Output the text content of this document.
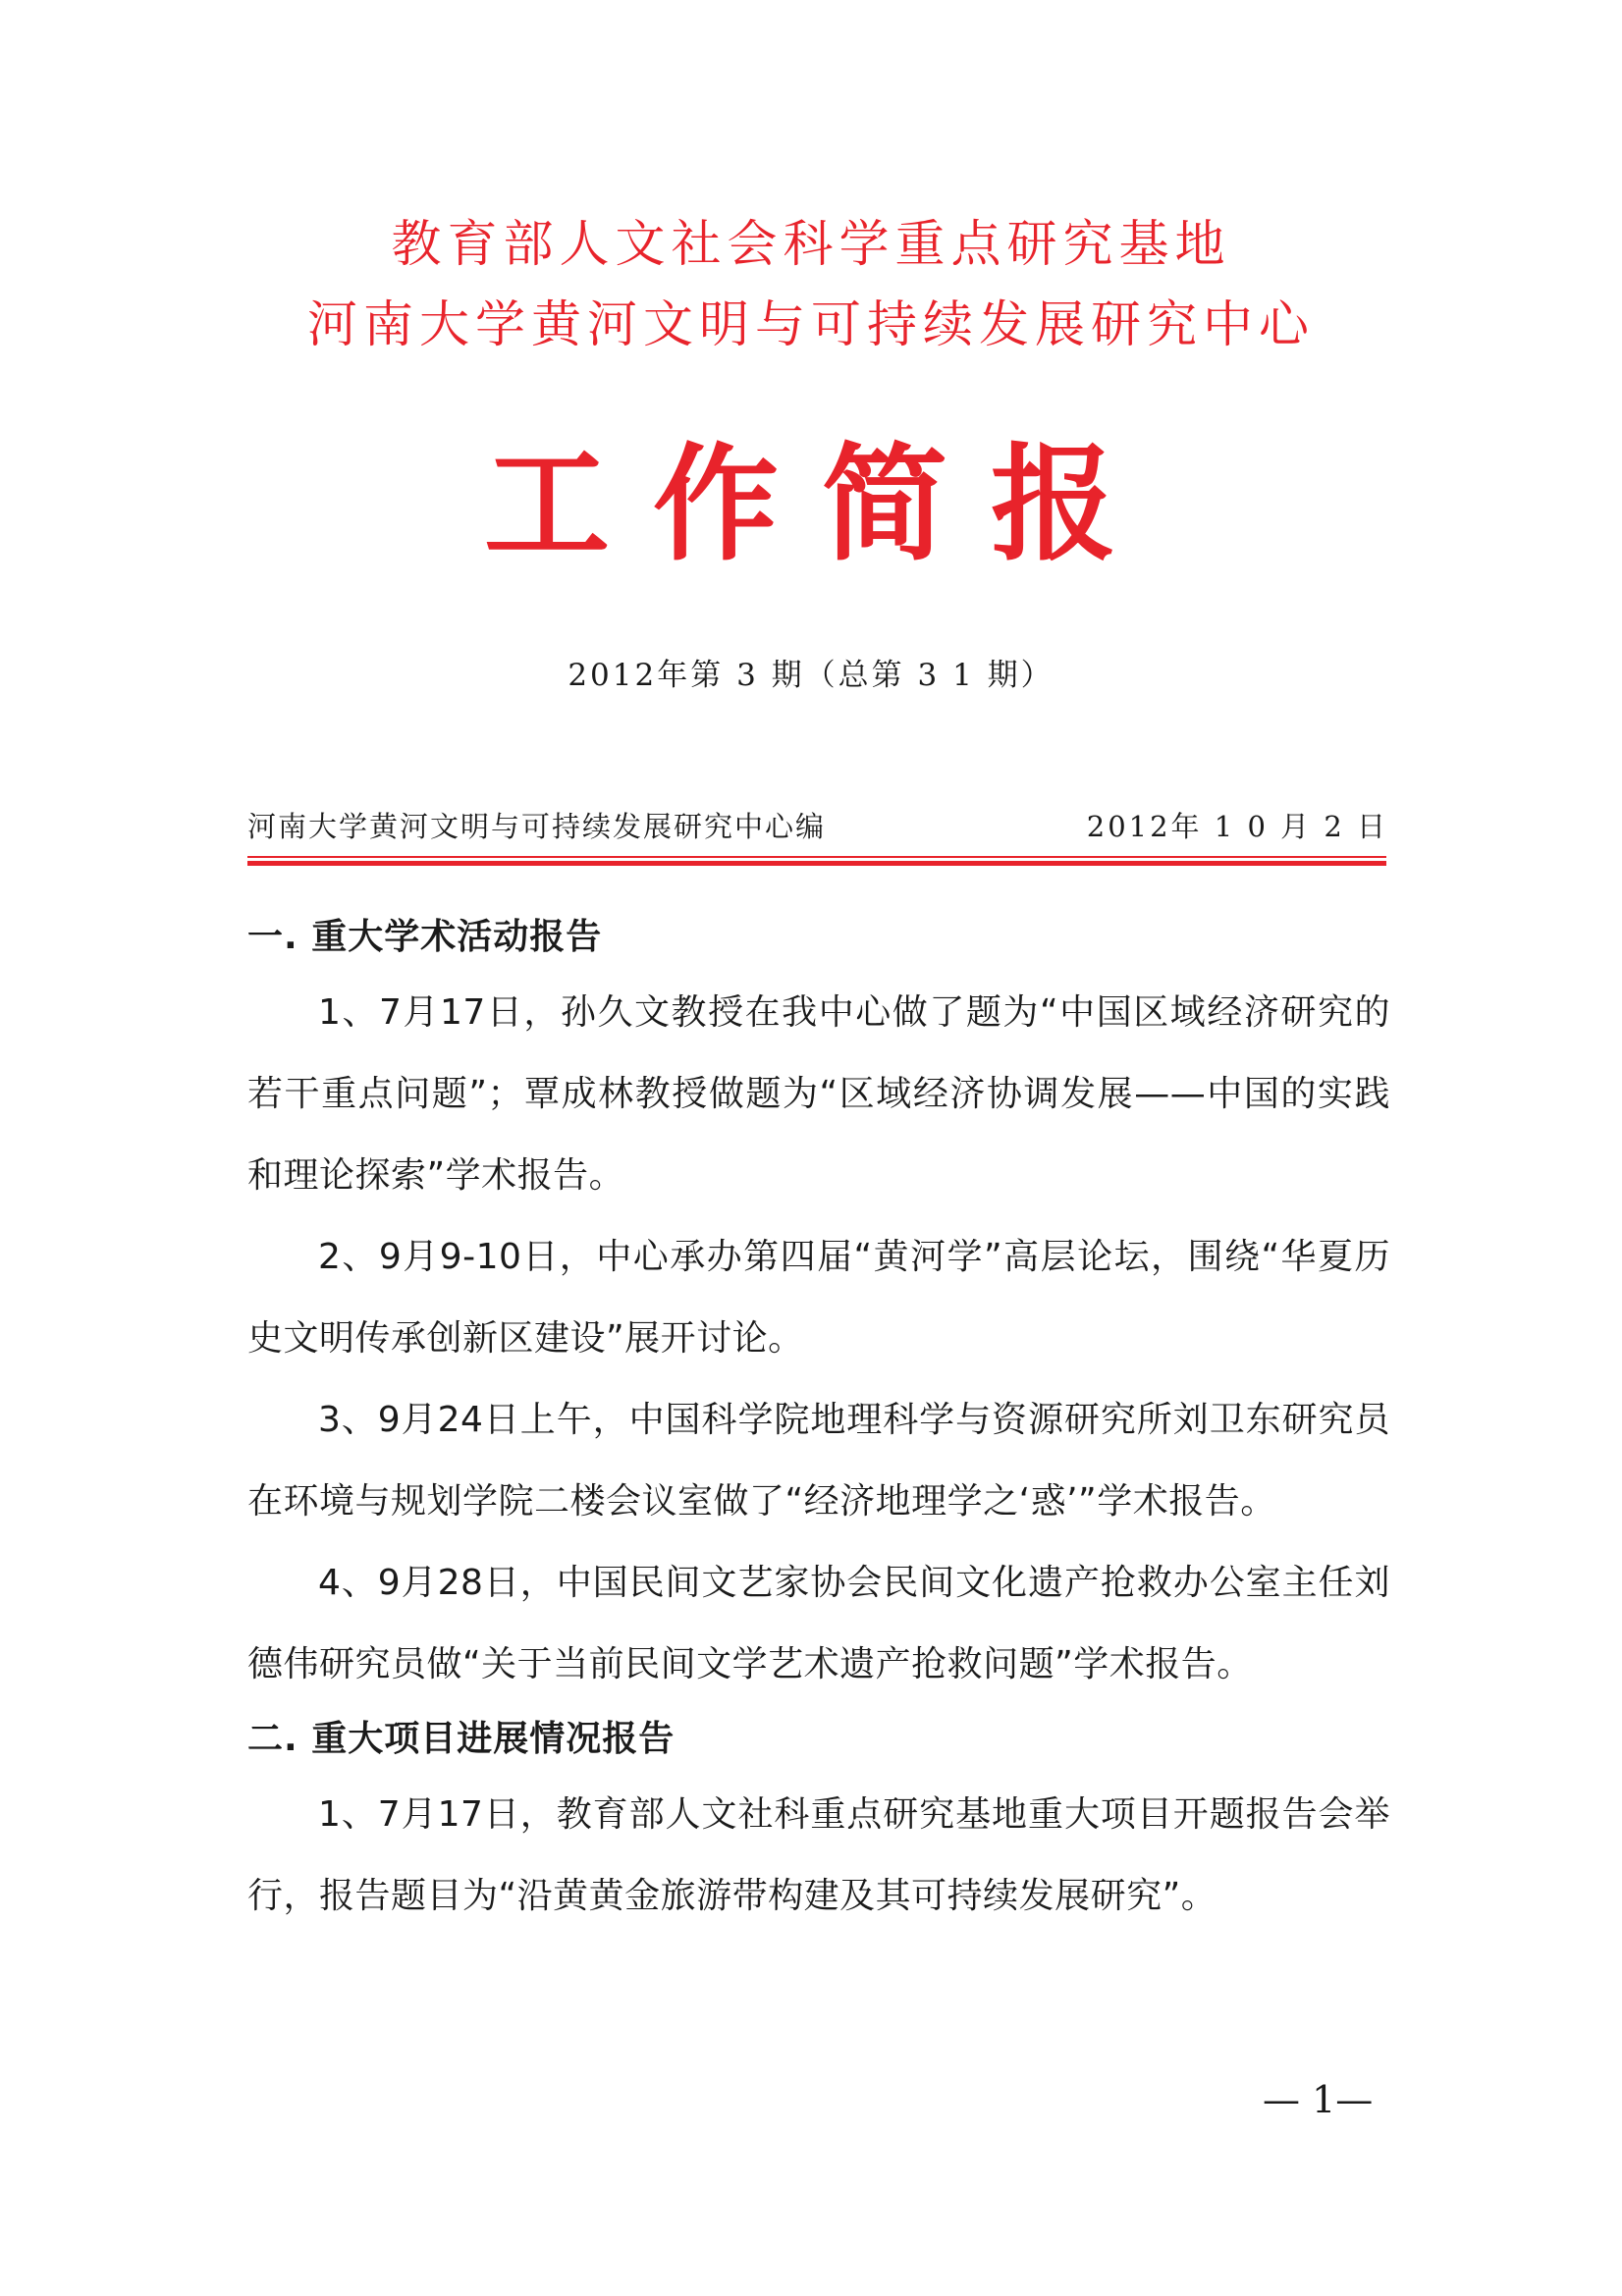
教育部人文社会科学重点研究基地
河南大学黄河文明与可持续发展研究中心
工作简报
2012年第 3 期（总第 3 1 期）
河南大学黄河文明与可持续发展研究中心编	2012年 1 0 月 2 日

一. 重大学术活动报告

1、7月17日，孙久文教授在我中心做了题为“中国区域经济研究的若干重点问题”；覃成林教授做题为“区域经济协调发展——中国的实践和理论探索”学术报告。

2、9月9-10日，中心承办第四届“黄河学”高层论坛，围绕“华夏历史文明传承创新区建设”展开讨论。

3、9月24日上午，中国科学院地理科学与资源研究所刘卫东研究员在环境与规划学院二楼会议室做了“经济地理学之‘惑’”学术报告。

4、9月28日，中国民间文艺家协会民间文化遗产抢救办公室主任刘德伟研究员做“关于当前民间文学艺术遗产抢救问题”学术报告。

二. 重大项目进展情况报告

1、7月17日，教育部人文社科重点研究基地重大项目开题报告会举行，报告题目为“沿黄黄金旅游带构建及其可持续发展研究”。

— 1—
